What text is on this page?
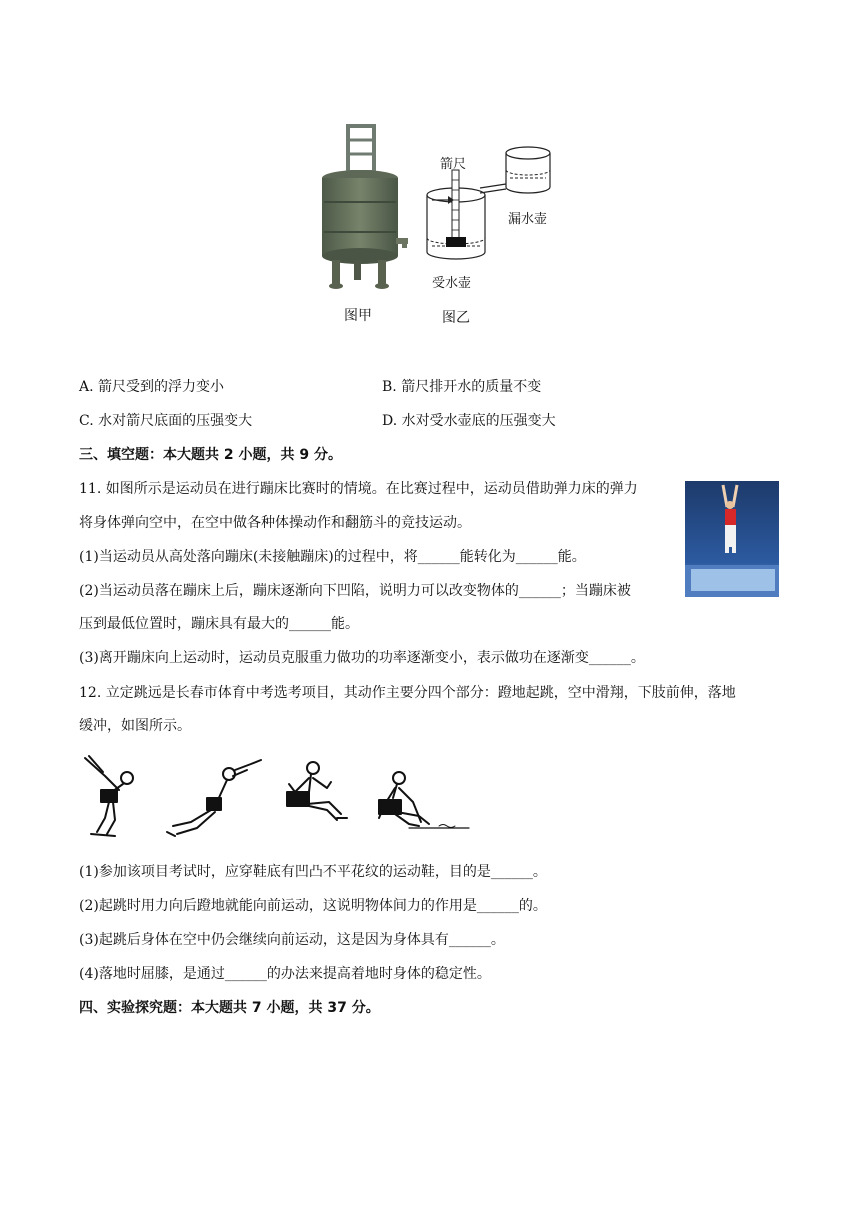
箭尺
漏水壶
受水壶
图甲	图乙
A. 箭尺受到的浮力变小	B. 箭尺排开水的质量不变
C. 水对箭尺底面的压强变大	D. 水对受水壶底的压强变大
三、填空题：本大题共 2 小题，共 9 分。
11. 如图所示是运动员在进行蹦床比赛时的情境。在比赛过程中，运动员借助弹力床的弹力
将身体弹向空中，在空中做各种体操动作和翻筋斗的竞技运动。
(1)当运动员从高处落向蹦床(未接触蹦床)的过程中，将______能转化为______能。
(2)当运动员落在蹦床上后，蹦床逐渐向下凹陷，说明力可以改变物体的______；当蹦床被
压到最低位置时，蹦床具有最大的______能。
(3)离开蹦床向上运动时，运动员克服重力做功的功率逐渐变小，表示做功在逐渐变______。
12. 立定跳远是长春市体育中考选考项目，其动作主要分四个部分：蹬地起跳，空中滑翔，下肢前伸，落地
缓冲，如图所示。
(1)参加该项目考试时，应穿鞋底有凹凸不平花纹的运动鞋，目的是______。
(2)起跳时用力向后蹬地就能向前运动，这说明物体间力的作用是______的。
(3)起跳后身体在空中仍会继续向前运动，这是因为身体具有______。
(4)落地时屈膝，是通过______的办法来提高着地时身体的稳定性。
四、实验探究题：本大题共 7 小题，共 37 分。
